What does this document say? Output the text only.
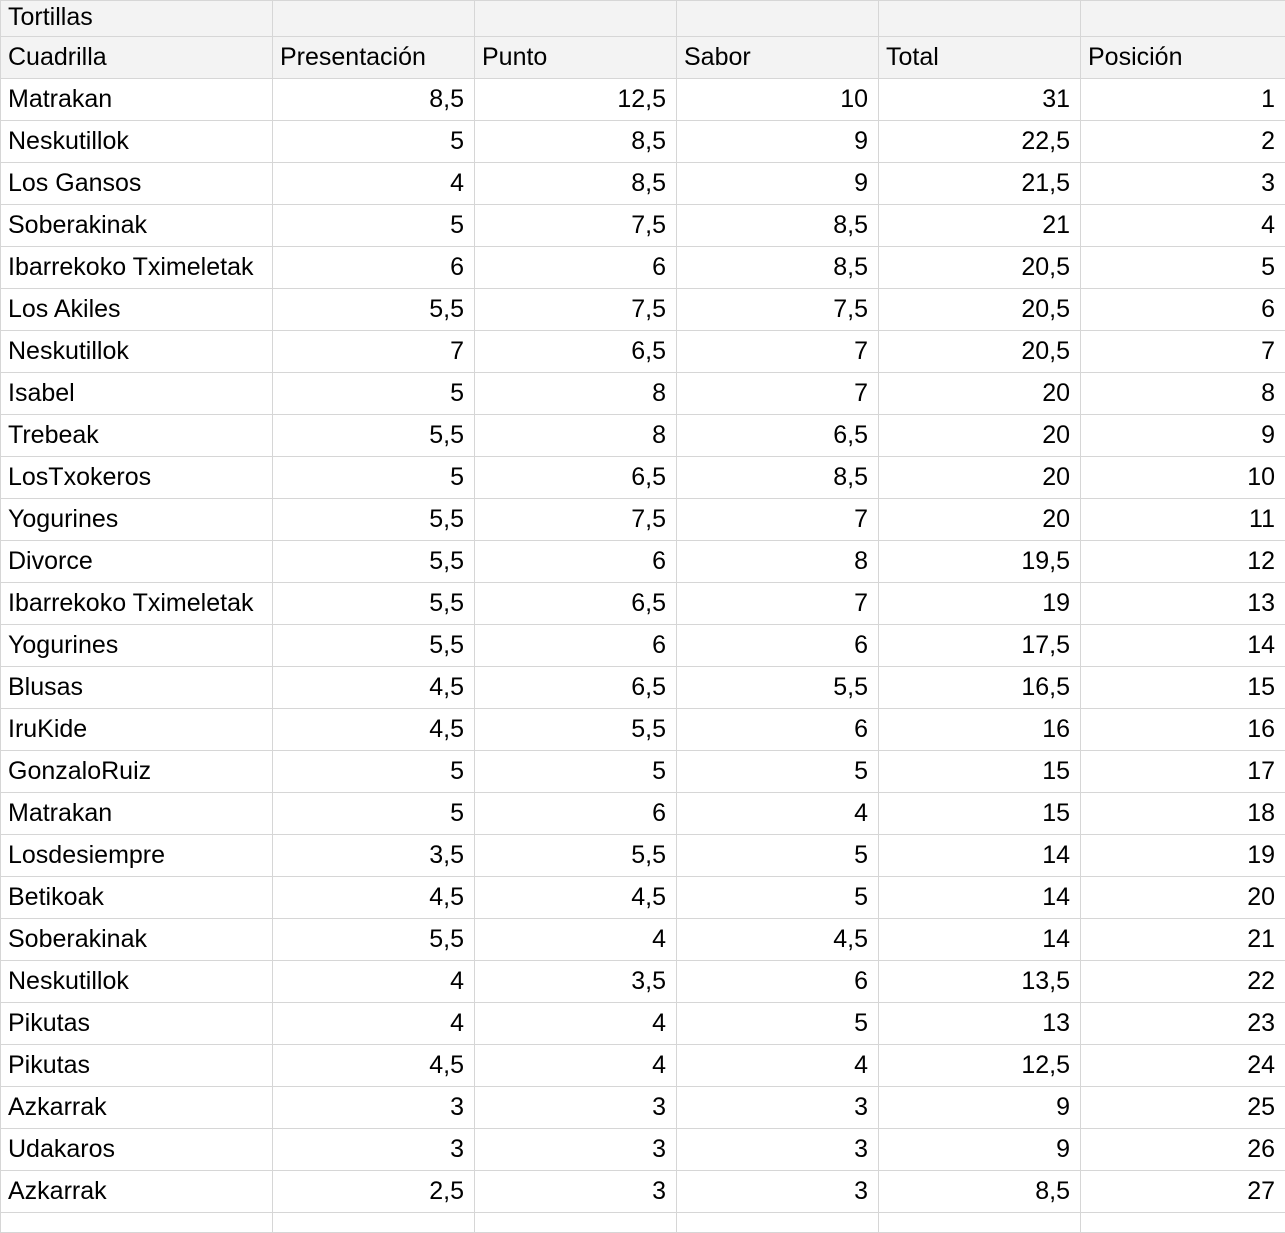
Tortillas					
Cuadrilla	Presentación	Punto	Sabor	Total	Posición
Matrakan	8,5	12,5	10	31	1
Neskutillok	5	8,5	9	22,5	2
Los Gansos	4	8,5	9	21,5	3
Soberakinak	5	7,5	8,5	21	4
Ibarrekoko Tximeletak	6	6	8,5	20,5	5
Los Akiles	5,5	7,5	7,5	20,5	6
Neskutillok	7	6,5	7	20,5	7
Isabel	5	8	7	20	8
Trebeak	5,5	8	6,5	20	9
LosTxokeros	5	6,5	8,5	20	10
Yogurines	5,5	7,5	7	20	11
Divorce	5,5	6	8	19,5	12
Ibarrekoko Tximeletak	5,5	6,5	7	19	13
Yogurines	5,5	6	6	17,5	14
Blusas	4,5	6,5	5,5	16,5	15
IruKide	4,5	5,5	6	16	16
GonzaloRuiz	5	5	5	15	17
Matrakan	5	6	4	15	18
Losdesiempre	3,5	5,5	5	14	19
Betikoak	4,5	4,5	5	14	20
Soberakinak	5,5	4	4,5	14	21
Neskutillok	4	3,5	6	13,5	22
Pikutas	4	4	5	13	23
Pikutas	4,5	4	4	12,5	24
Azkarrak	3	3	3	9	25
Udakaros	3	3	3	9	26
Azkarrak	2,5	3	3	8,5	27
